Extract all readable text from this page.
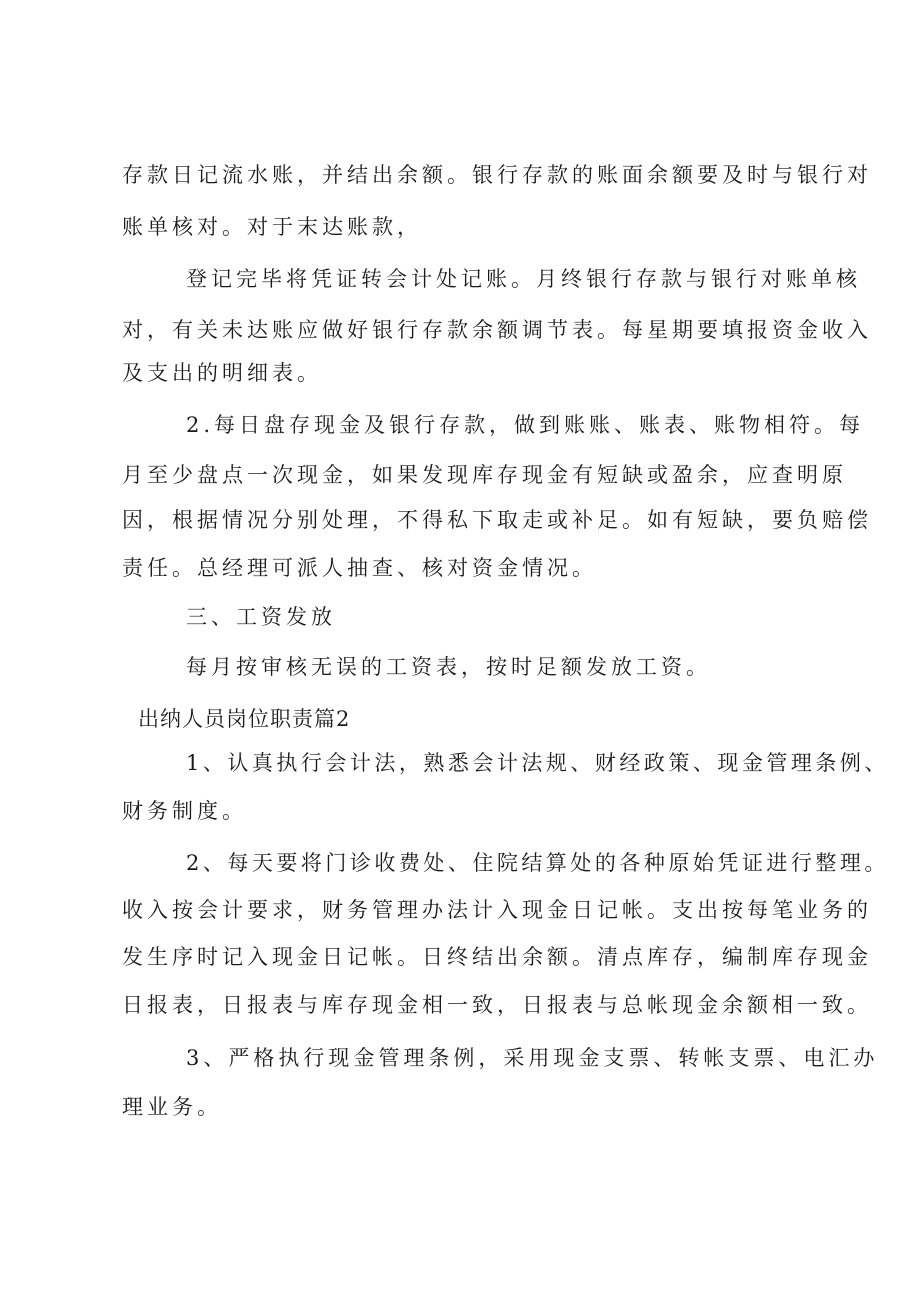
存款日记流水账，并结出余额。银行存款的账面余额要及时与银行对
账单核对。对于末达账款，
登记完毕将凭证转会计处记账。月终银行存款与银行对账单核
对，有关未达账应做好银行存款余额调节表。每星期要填报资金收入
及支出的明细表。
2.每日盘存现金及银行存款，做到账账、账表、账物相符。每
月至少盘点一次现金，如果发现库存现金有短缺或盈余，应查明原
因，根据情况分别处理，不得私下取走或补足。如有短缺，要负赔偿
责任。总经理可派人抽查、核对资金情况。
三、工资发放
每月按审核无误的工资表，按时足额发放工资。
出纳人员岗位职责篇2
1、认真执行会计法，熟悉会计法规、财经政策、现金管理条例、
财务制度。
2、每天要将门诊收费处、住院结算处的各种原始凭证进行整理。
收入按会计要求，财务管理办法计入现金日记帐。支出按每笔业务的
发生序时记入现金日记帐。日终结出余额。清点库存，编制库存现金
日报表，日报表与库存现金相一致，日报表与总帐现金余额相一致。
3、严格执行现金管理条例，采用现金支票、转帐支票、电汇办
理业务。
